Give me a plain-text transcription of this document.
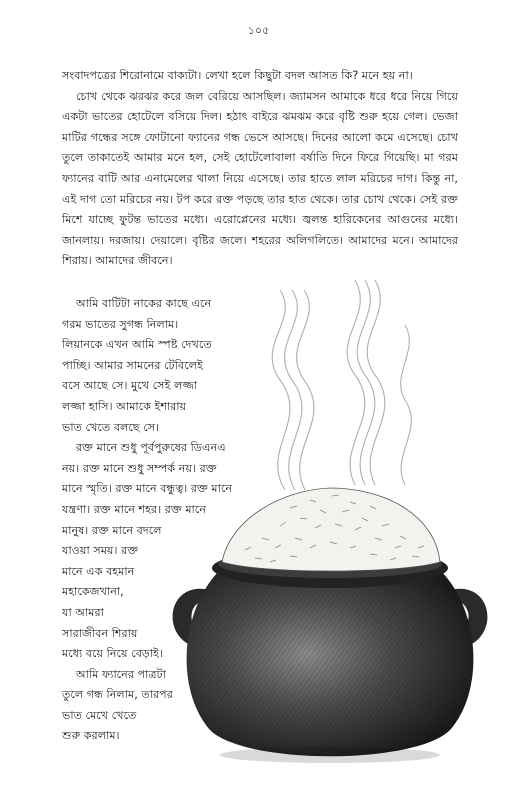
১০৫

সংবাদপত্রের শিরোনামে বাক্যটা। লেখা হলে কিছুটা বদল আসত কি? মনে হয় না।

চোখ থেকে ঝরঝর করে জল বেরিয়ে আসছিল। জ্যামসন আমাকে ধরে ধরে নিয়ে গিয়ে একটা ভাতের হোটেলে বসিয়ে দিল। হঠাৎ বাইরে ঝমঝম করে বৃষ্টি শুরু হয়ে গেল। ভেজা মাটির গন্ধের সঙ্গে ফোটানো ফ্যানের গন্ধ ভেসে আসছে। দিনের আলো কমে এসেছে। চোখ তুলে তাকাতেই আমার মনে হল, সেই হোটেলোবালা বর্ষাতি দিনে ফিরে গিয়েছি। মা গরম ফ্যানের বাটি আর এনামেলের থালা নিয়ে এসেছে। তার হাতে লাল মরিচের দাগ। কিন্তু না, এই দাগ তো মরিচের নয়। টপ করে রক্ত পড়ছে তার হাত থেকে। তার চোখ থেকে। সেই রক্ত মিশে যাচ্ছে ফুটন্ত ভাতের মধ্যে। এরোপ্লেনের মধ্যে। জ্বলন্ত হারিকেনের আগুনের মধ্যে। জানলায়। দরজায়। দেয়ালে। বৃষ্টির জলে। শহরের অলিগলিতে। আমাদের মনে। আমাদের শিরায়। আমাদের জীবনে।

আমি বাটিটা নাকের কাছে এনে
গরম ভাতের সুগন্ধ নিলাম।
লিয়ানকে এখন আমি স্পষ্ট দেখতে
পাচ্ছি। আমার সামনের টেবিলেই
বসে আছে সে। মুখে সেই লজ্জা
লজ্জা হাসি। আমাকে ইশারায়
ভাত খেতে বলছে সে।
রক্ত মানে শুধু পূর্বপুরুষের ডিএনএ
নয়। রক্ত মানে শুধু সম্পর্ক নয়। রক্ত
মানে স্মৃতি। রক্ত মানে বন্ধুত্ব। রক্ত মানে
যন্ত্রণা। রক্ত মানে শহর। রক্ত মানে
মানুষ। রক্ত মানে বদলে
যাওয়া সময়। রক্ত
মানে এক বহমান
মহাকেজখানা,
যা আমরা
সারাজীবন শিরায়
মধ্যে বয়ে নিয়ে বেড়াই।
আমি ফ্যানের পাত্রটা
তুলে গন্ধ নিলাম, তারপর
ভাত মেখে খেতে
শুরু করলাম।
